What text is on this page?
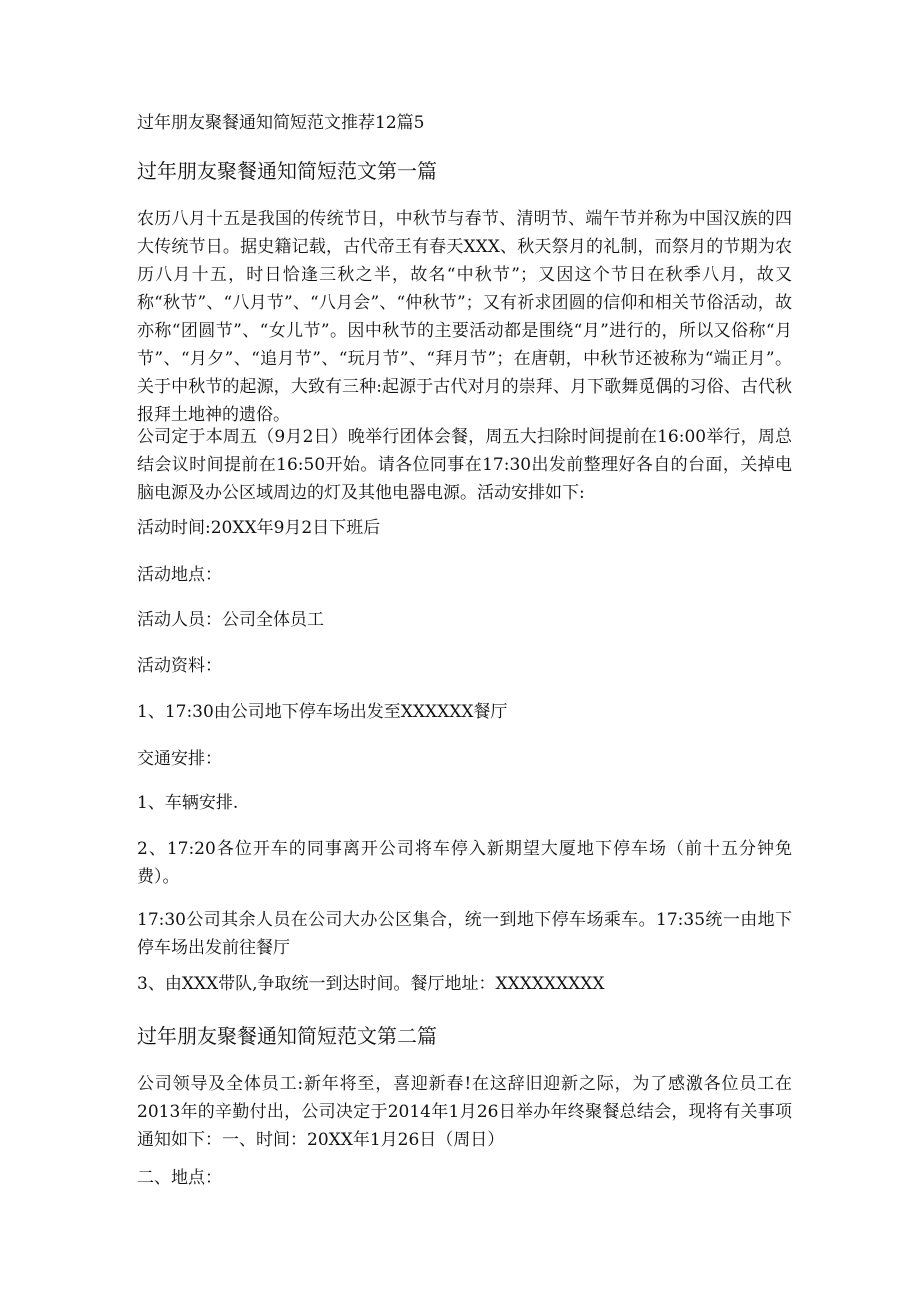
过年朋友聚餐通知简短范文推荐12篇5
过年朋友聚餐通知简短范文第一篇

农历八月十五是我国的传统节日，中秋节与春节、清明节、端午节并称为中国汉族的四大传统节日。据史籍记载，古代帝王有春天XXX、秋天祭月的礼制，而祭月的节期为农历八月十五，时日恰逢三秋之半，故名“中秋节”；又因这个节日在秋季八月，故又称“秋节”、“八月节”、“八月会”、“仲秋节”；又有祈求团圆的信仰和相关节俗活动，故亦称“团圆节”、“女儿节”。因中秋节的主要活动都是围绕“月”进行的，所以又俗称“月节”、“月夕”、“追月节”、“玩月节”、“拜月节”；在唐朝，中秋节还被称为“端正月”。关于中秋节的起源，大致有三种:起源于古代对月的崇拜、月下歌舞觅偶的习俗、古代秋报拜土地神的遗俗。

公司定于本周五（9月2日）晚举行团体会餐，周五大扫除时间提前在16:00举行，周总结会议时间提前在16:50开始。请各位同事在17:30出发前整理好各自的台面，关掉电脑电源及办公区域周边的灯及其他电器电源。活动安排如下:

活动时间:20XX年9月2日下班后
活动地点：
活动人员：公司全体员工
活动资料：
1、17:30由公司地下停车场出发至XXXXXX餐厅
交通安排：
1、车辆安排.

2、17:20各位开车的同事离开公司将车停入新期望大厦地下停车场（前十五分钟免费）。

17:30公司其余人员在公司大办公区集合，统一到地下停车场乘车。17:35统一由地下停车场出发前往餐厅

3、由XXX带队,争取统一到达时间。餐厅地址：XXXXXXXXX
过年朋友聚餐通知简短范文第二篇

公司领导及全体员工:新年将至，喜迎新春!在这辞旧迎新之际，为了感激各位员工在2013年的辛勤付出，公司决定于2014年1月26日举办年终聚餐总结会，现将有关事项通知如下：一、时间：20XX年1月26日（周日）

二、地点：
